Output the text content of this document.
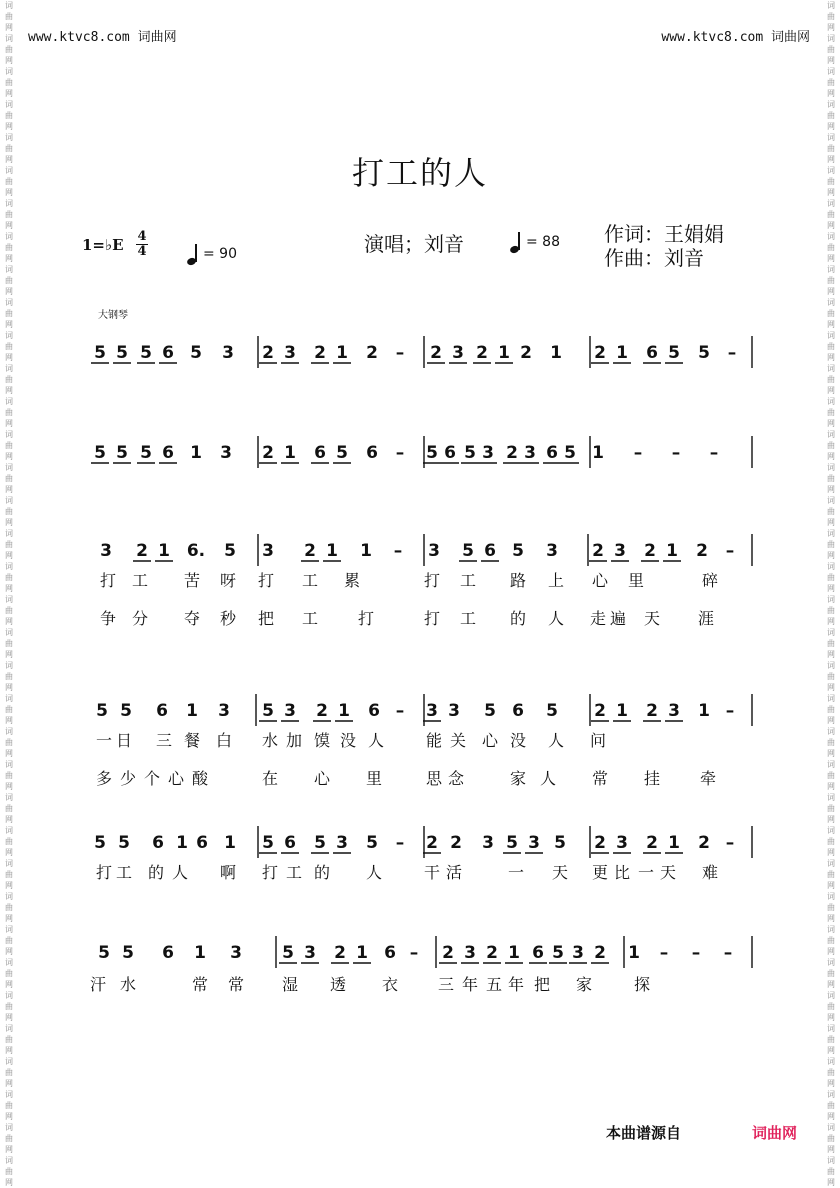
词曲网词曲网词曲网词曲网词曲网词曲网词曲网词曲网词曲网词曲网词曲网词曲网词曲网词曲网词曲网词曲网词曲网词曲网词曲网词曲网词曲网词曲网词曲网词曲网词曲网词曲网词曲网词曲网词曲网词曲网词曲网词曲网词曲网词曲网词曲网词曲网
词曲网词曲网词曲网词曲网词曲网词曲网词曲网词曲网词曲网词曲网词曲网词曲网词曲网词曲网词曲网词曲网词曲网词曲网词曲网词曲网词曲网词曲网词曲网词曲网词曲网词曲网词曲网词曲网词曲网词曲网词曲网词曲网词曲网词曲网词曲网词曲网
www.ktvc8.com 词曲网	www.ktvc8.com 词曲网
打工的人
1=♭E 4
4	= 90	演唱；刘音	= 88 作词：王娟娟
作曲：刘音
大钢琴
5 5 5 6 5 3 2 3 2 1 2 – 2 3 2 1 2 1 2 1 6 5 5 –
5 5 5 6 1 3 2 1 6 5 6 – 5 6 5 3 2 3 6 5 1 – – –
3 2 1 6. 5 3 2 1 1 – 3 5 6 5 3 2 3 2 1 2 –
5 5 6 1 3 5 3 2 1 6 – 3 3 5 6 5 2 1 2 3 1 –
5 5 6 1 6 1 5 6 5 3 5 – 2 2 3 5 3 5 2 3 2 1 2 –
5 5 6 1 3 5 3 2 1 6 – 2 3 2 1 6 5 3 2 1 – – –
打 工 苦 呀 打 工 累	打 工 路 上 心 里	碎
争 分 夺 秒 把 工 打	打 工 的 人 走 遍 天 涯
一 日 三 餐 白 水 加 馍 没 人	能 关 心 没 人 问
多 少 个 心 酸	在 心 里	思 念	家 人 常 挂 牵
打 工 的 人 啊 打 工 的 人	干 活	一 天 更 比 一 天 难
汗 水	常 常 湿 透 衣 三 年 五 年 把 家	探
本曲谱源自	词曲网
